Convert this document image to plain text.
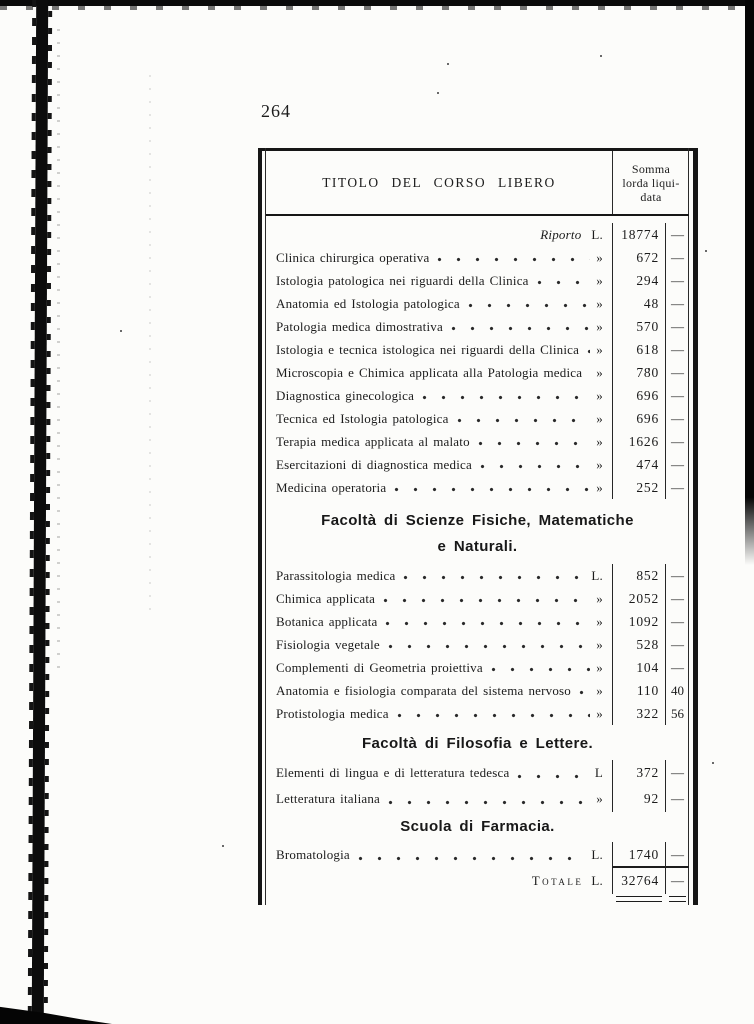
264
TITOLO DEL CORSO LIBERO
Somma
lorda liqui-
data
Riporto L.	18774 —
Clinica chirurgica operativa	»	672 —
Istologia patologica nei riguardi della Clinica	»	294 —
Anatomia ed Istologia patologica	»	48 —
Patologia medica dimostrativa	»	570 —
Istologia e tecnica istologica nei riguardi della Clinica »	618 —
Microscopia e Chimica applicata alla Patologia medica »	780 —
Diagnostica ginecologica	»	696 —
Tecnica ed Istologia patologica	»	696 —
Terapia medica applicata al malato	»	1626 —
Esercitazioni di diagnostica medica	»	474 —
Medicina operatoria	»	252 —
Facoltà di Scienze Fisiche, Matematiche
e Naturali.
Parassitologia medica	L.	852 —
Chimica applicata	»	2052 —
Botanica applicata	»	1092 —
Fisiologia vegetale	»	528 —
Complementi di Geometria proiettiva	»	104 —
Anatomia e fisiologia comparata del sistema nervoso »	110 40
Protistologia medica	»	322 56
Facoltà di Filosofia e Lettere.
Elementi di lingua e di letteratura tedesca	L	372 —
Letteratura italiana	»	92 —
Scuola di Farmacia.
Bromatologia	L.	1740 —
Totale L.	32764 —
